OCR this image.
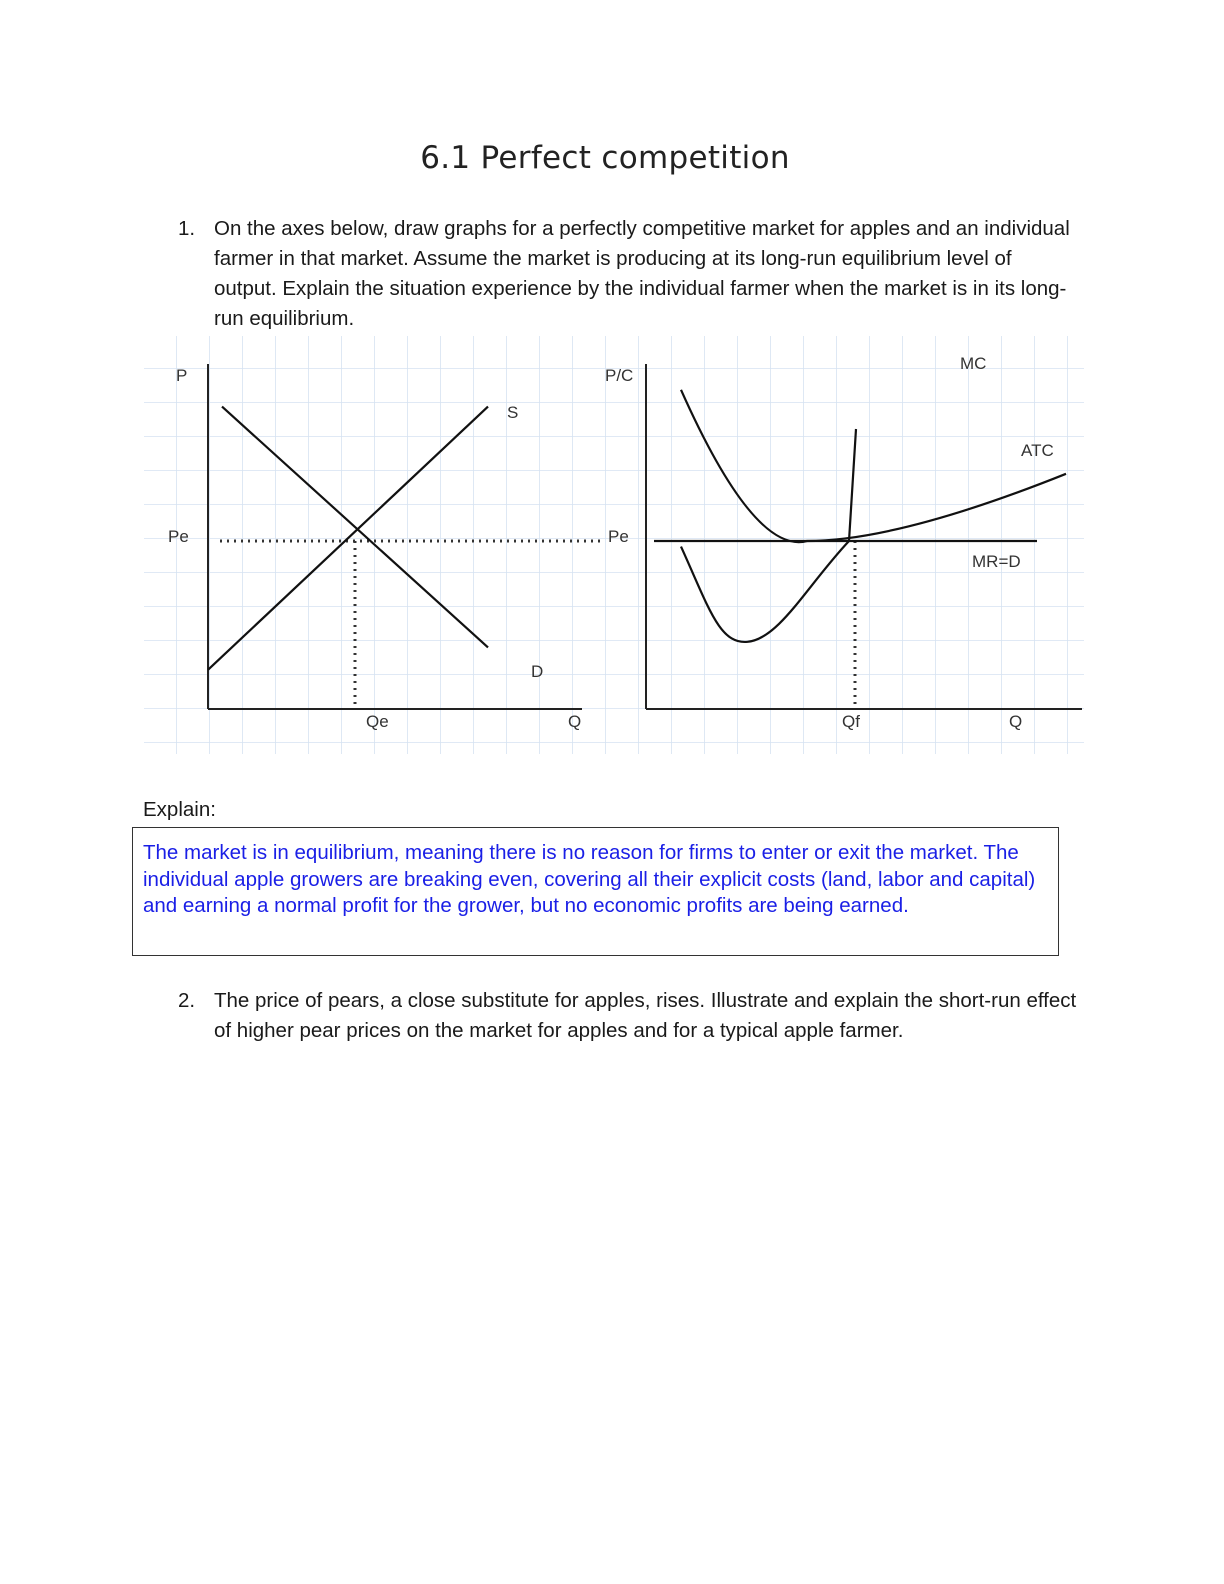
6.1 Perfect competition
1. On the axes below, draw graphs for a perfectly competitive market for apples and an individual farmer in that market. Assume the market is producing at its long-run equilibrium level of output. Explain the situation experience by the individual farmer when the market is in its long-run equilibrium.
P
Pe
Qe	Q
S
D
P/C
Pe
Qf	Q
MC
ATC
MR=D
Explain:
The market is in equilibrium, meaning there is no reason for firms to enter or exit the market. The individual apple growers are breaking even, covering all their explicit costs (land, labor and capital) and earning a normal profit for the grower, but no economic profits are being earned.
2. The price of pears, a close substitute for apples, rises. Illustrate and explain the short-run effect of higher pear prices on the market for apples and for a typical apple farmer.
